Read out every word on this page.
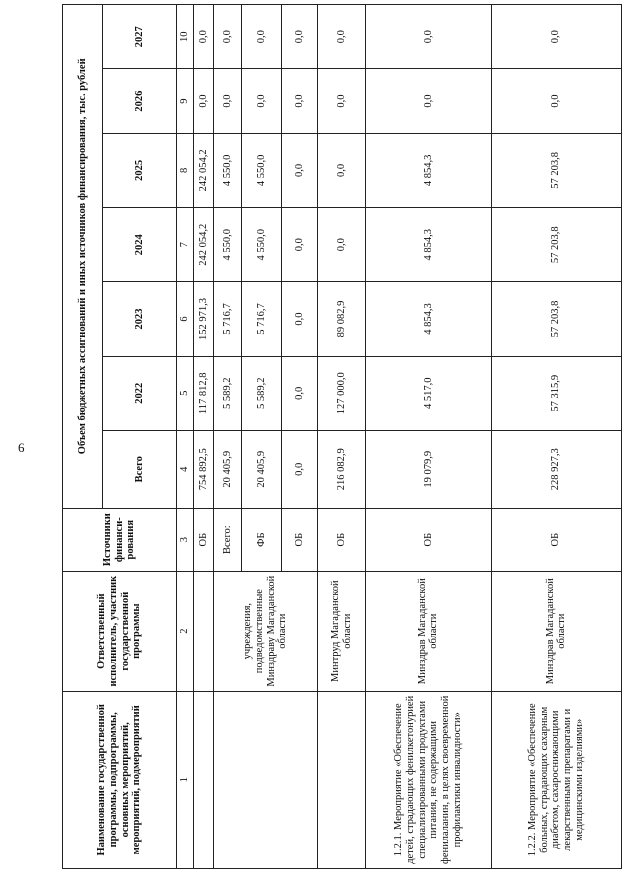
6
Наименование государственной программы, подпрограммы, основных мероприятий, мероприятий, подмероприятий	Ответственный исполнитель, участник государственной программы	Источники финанси-рования	Объем бюджетных ассигнований и иных источников финансирования, тыс. рублей						
			Всего	2022	2023	2024	2025	2026	2027
1	2	3	4	5	6	7	8	9	10
		ОБ	754 892,5	117 812,8	152 971,3	242 054,2	242 054,2	0,0	0,0
	учреждения, подведомственные Минздраву Магаданской области	Всего:	20 405,9	5 589,2	5 716,7	4 550,0	4 550,0	0,0	0,0
		ФБ	20 405,9	5 589,2	5 716,7	4 550,0	4 550,0	0,0	0,0
		ОБ	0,0	0,0	0,0	0,0	0,0	0,0	0,0
	Минтруд Магаданской области	ОБ	216 082,9	127 000,0	89 082,9	0,0	0,0	0,0	0,0
1.2.1. Мероприятие «Обеспечение детей, страдающих фенилкетонурией специализированными продуктами питания, не содержащими фенилаланин, в целях своевременной профилактики инвалидности»	Минздрав Магаданской области	ОБ	19 079,9	4 517,0	4 854,3	4 854,3	4 854,3	0,0	0,0
1.2.2. Мероприятие «Обеспечение больных, страдающих сахарным диабетом, сахароснижающими лекарственными препаратами и медицинскими изделиями»	Минздрав Магаданской области	ОБ	228 927,3	57 315,9	57 203,8	57 203,8	57 203,8	0,0	0,0
